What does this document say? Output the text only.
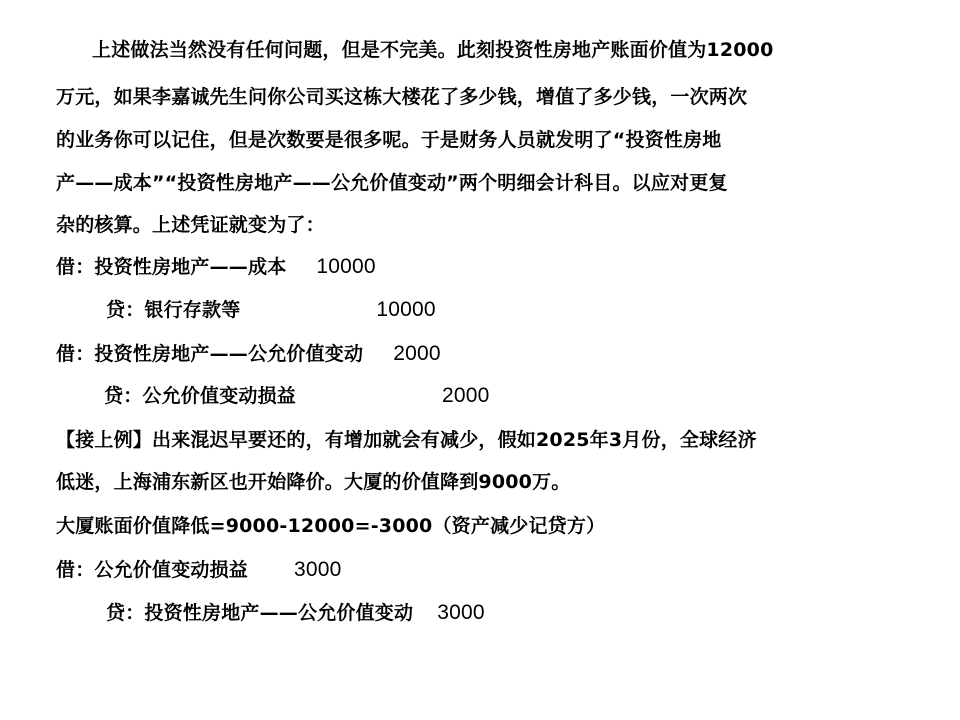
上述做法当然没有任何问题，但是不完美。此刻投资性房地产账面价值为12000
万元，如果李嘉诚先生问你公司买这栋大楼花了多少钱，增值了多少钱，一次两次
的业务你可以记住，但是次数要是很多呢。于是财务人员就发明了“投资性房地
产——成本”“投资性房地产——公允价值变动”两个明细会计科目。以应对更复
杂的核算。上述凭证就变为了：
借：投资性房地产——成本 10000
贷：银行存款等	10000
借：投资性房地产——公允价值变动 2000
贷：公允价值变动损益	2000
【接上例】出来混迟早要还的，有增加就会有减少，假如2025年3月份，全球经济
低迷，上海浦东新区也开始降价。大厦的价值降到9000万。
大厦账面价值降低=9000-12000=-3000（资产减少记贷方）
借：公允价值变动损益 3000
贷：投资性房地产——公允价值变动 3000
